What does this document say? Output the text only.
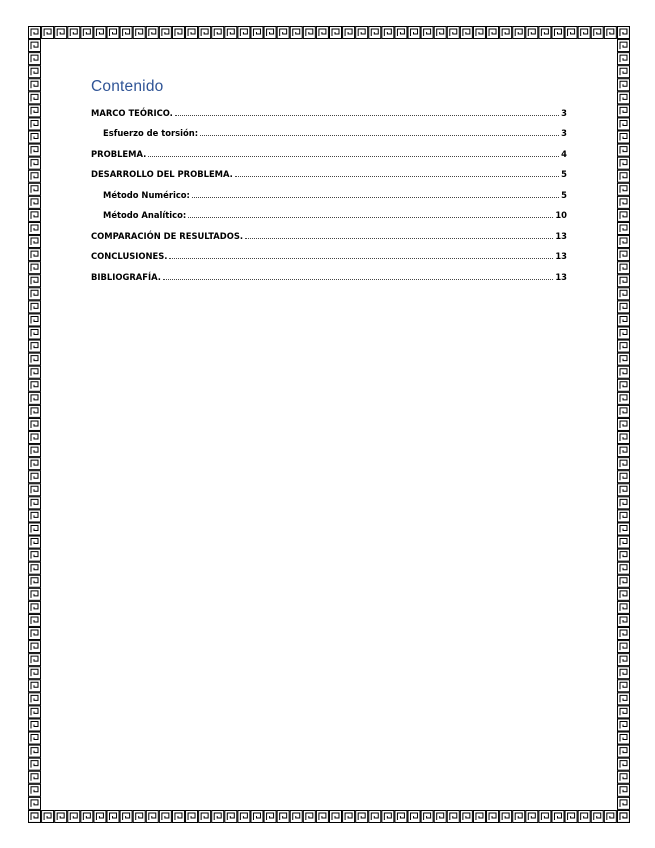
Contenido
MARCO TEÓRICO.	3
Esfuerzo de torsión:	3
PROBLEMA.	4
DESARROLLO DEL PROBLEMA.	5
Método Numérico:	5
Método Analítico:	10
COMPARACIÓN DE RESULTADOS.	13
CONCLUSIONES.	13
BIBLIOGRAFÍA.	13
